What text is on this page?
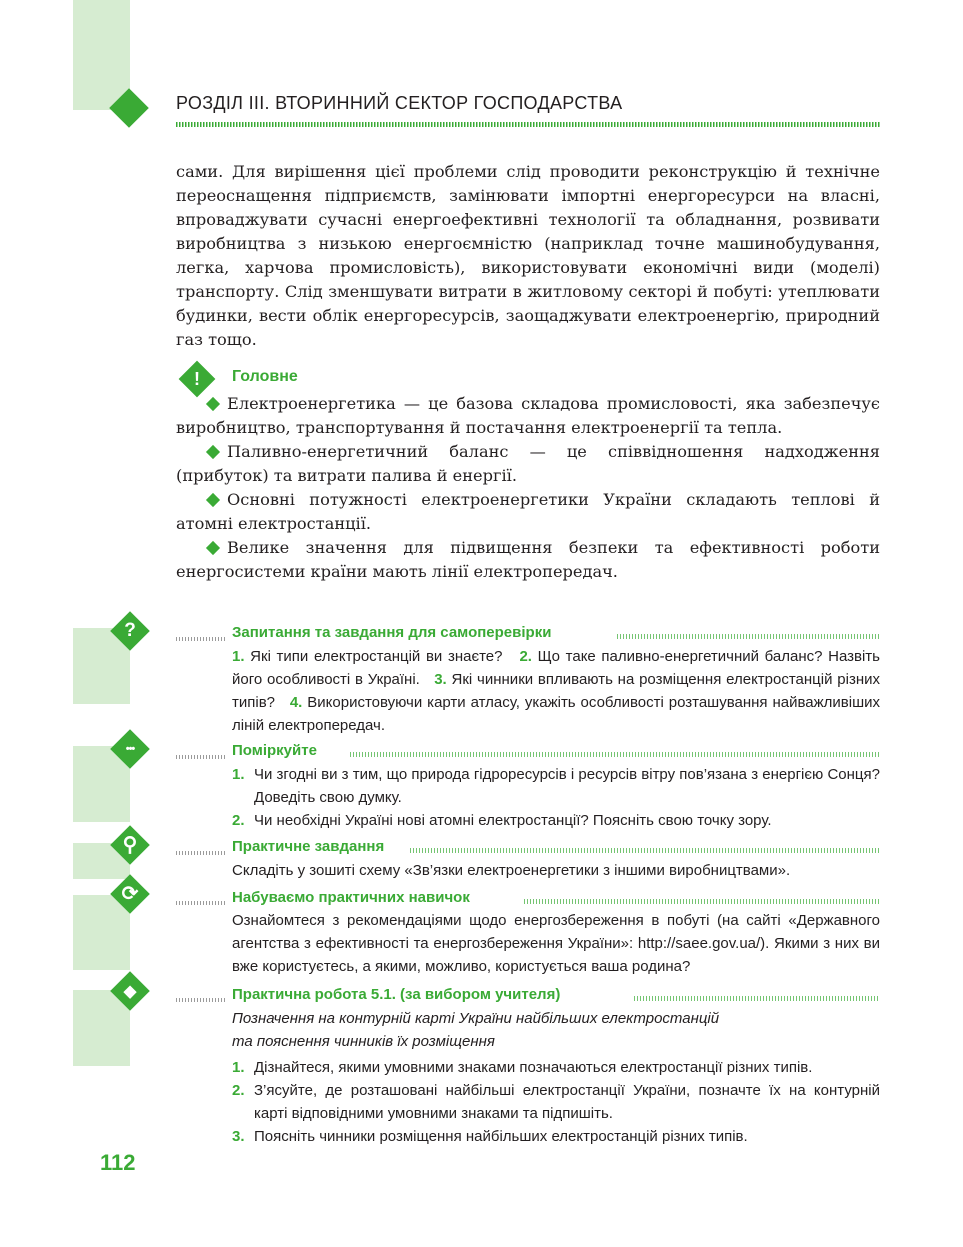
РОЗДІЛ ІІІ. ВТОРИННИЙ СЕКТОР ГОСПОДАРСТВА

сами. Для вирішення цієї проблеми слід проводити реконструкцію й технічне переоснащення підприємств, замінювати імпортні енергоресурси на власні, впроваджувати сучасні енергоефективні технології та обладнання, розвивати виробництва з низькою енергоємністю (наприклад точне машинобудування, легка, харчова промисловість), використовувати економічні види (моделі) транспорту. Слід зменшувати витрати в житловому секторі й побуті: утеплювати будинки, вести облік енергоресурсів, заощаджувати електроенергію, природний газ тощо.

!	Головне

Електроенергетика — це базова складова промисловості, яка забезпечує виробництво, транспортування й постачання електроенергії та тепла.

Паливно-енергетичний баланс — це співвідношення надходження (прибуток) та витрати палива й енергії.

Основні потужності електроенергетики України складають теплові й атомні електростанції.

Велике значення для підвищення безпеки та ефективності роботи енергосистеми країни мають лінії електропередач.

?	Запитання та завдання для самоперевірки

1. Які типи електростанцій ви знаєте? 2. Що таке паливно-енергетичний баланс? Назвіть його особливості в Україні. 3. Які чинники впливають на розміщення електростанцій різних типів? 4. Використовуючи карти атласу, укажіть особливості розташування найважливіших ліній електропередач.

•••	Поміркуйте

1. Чи згодні ви з тим, що природа гідроресурсів і ресурсів вітру пов’язана з енергією Сонця? Доведіть свою думку.
2. Чи необхідні Україні нові атомні електростанції? Поясніть свою точку зору.

⚲	Практичне завдання

Складіть у зошиті схему «Зв’язки електроенергетики з іншими виробництвами».

⟳	Набуваємо практичних навичок

Ознайомтеся з рекомендаціями щодо енергозбереження в побуті (на сайті «Державного агентства з ефективності та енергозбереження України»: http://saee.gov.ua/). Якими з них ви вже користуєтесь, а якими, можливо, користується ваша родина?

⬥	Практична робота 5.1. (за вибором учителя)

Позначення на контурній карті України найбільших електростанцій
та пояснення чинників їх розміщення

1. Дізнайтеся, якими умовними знаками позначаються електростанції різних типів.
2. З’ясуйте, де розташовані найбільші електростанції України, позначте їх на контурній карті відповідними умовними знаками та підпишіть.
3. Поясніть чинники розміщення найбільших електростанцій різних типів.

112
